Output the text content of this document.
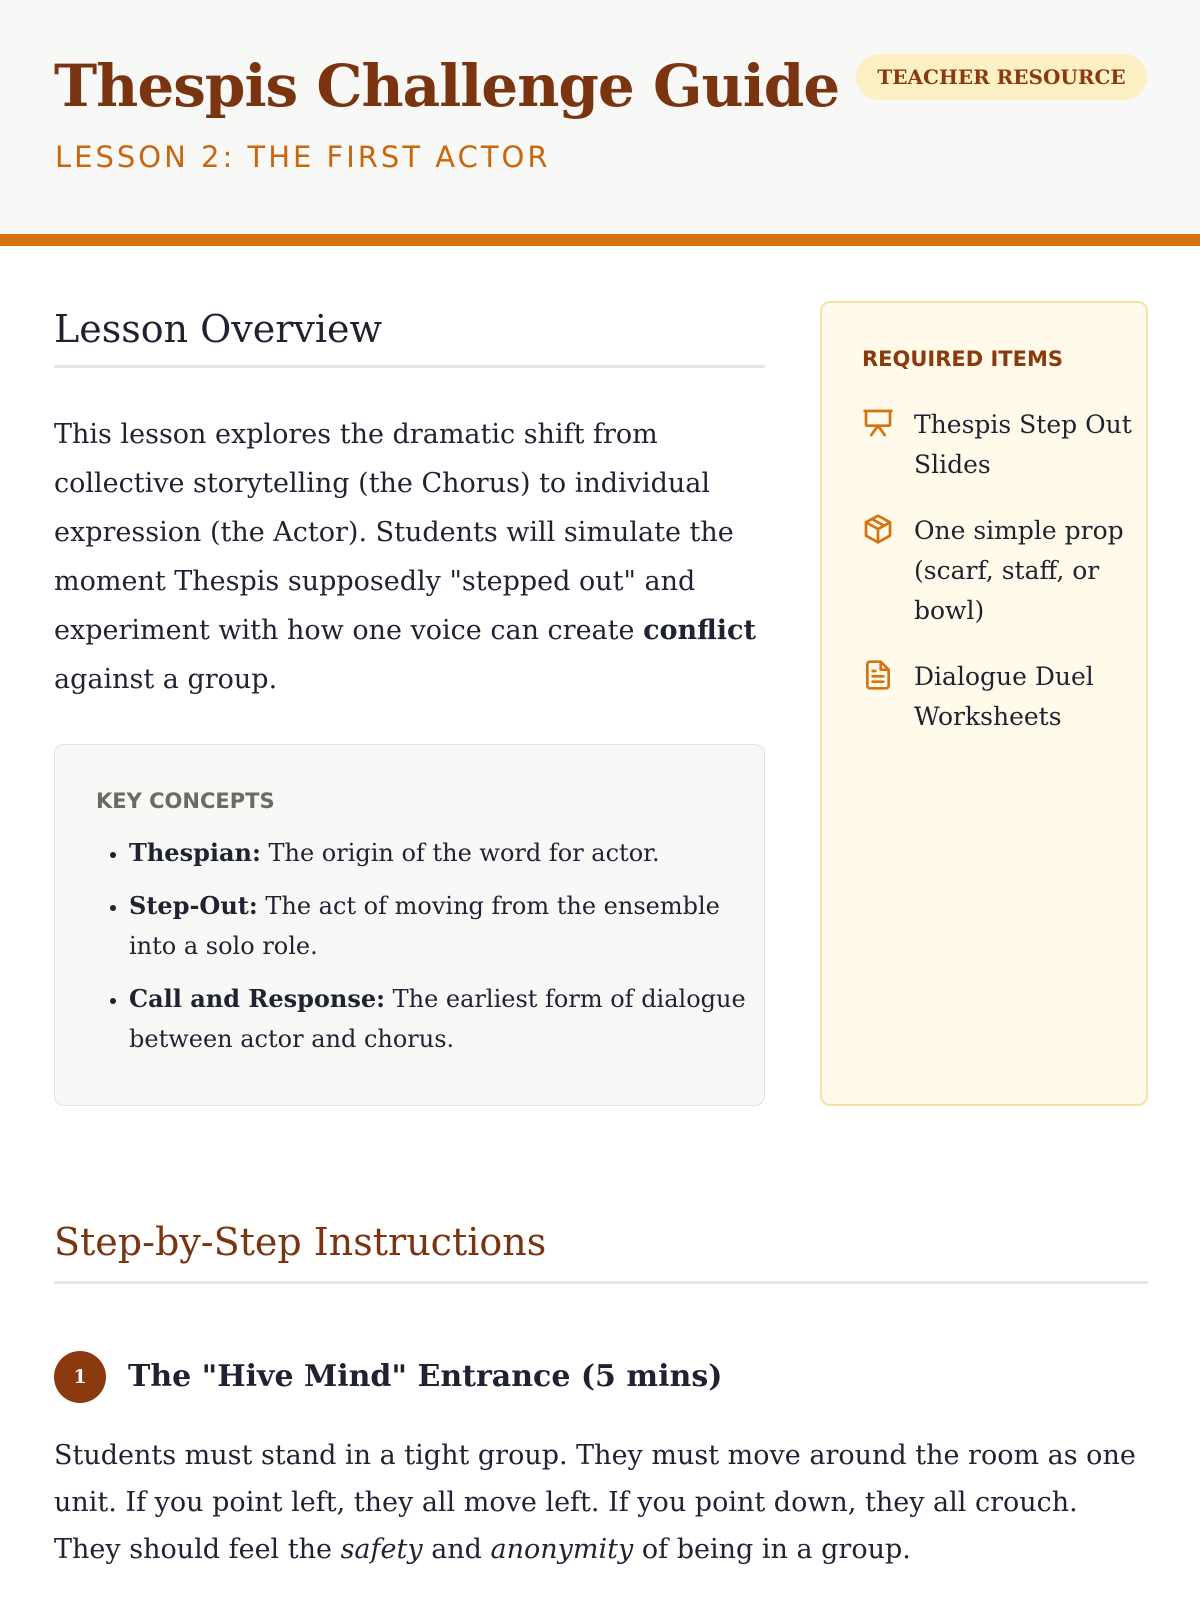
Thespis Challenge Guide
LESSON 2: THE FIRST ACTOR
TEACHER RESOURCE
Lesson Overview

This lesson explores the dramatic shift from collective storytelling (the Chorus) to individual expression (the Actor). Students will simulate the moment Thespis supposedly "stepped out" and experiment with how one voice can create conflict against a group.

KEY CONCEPTS
• Thespian: The origin of the word for actor.
• Step-Out: The act of moving from the ensemble into a solo role.
• Call and Response: The earliest form of dialogue between actor and chorus.
REQUIRED ITEMS
Thespis Step Out Slides
One simple prop (scarf, staff, or bowl)
Dialogue Duel Worksheets
Step-by-Step Instructions
1	The "Hive Mind" Entrance (5 mins)

Students must stand in a tight group. They must move around the room as one unit. If you point left, they all move left. If you point down, they all crouch. They should feel the safety and anonymity of being in a group.
